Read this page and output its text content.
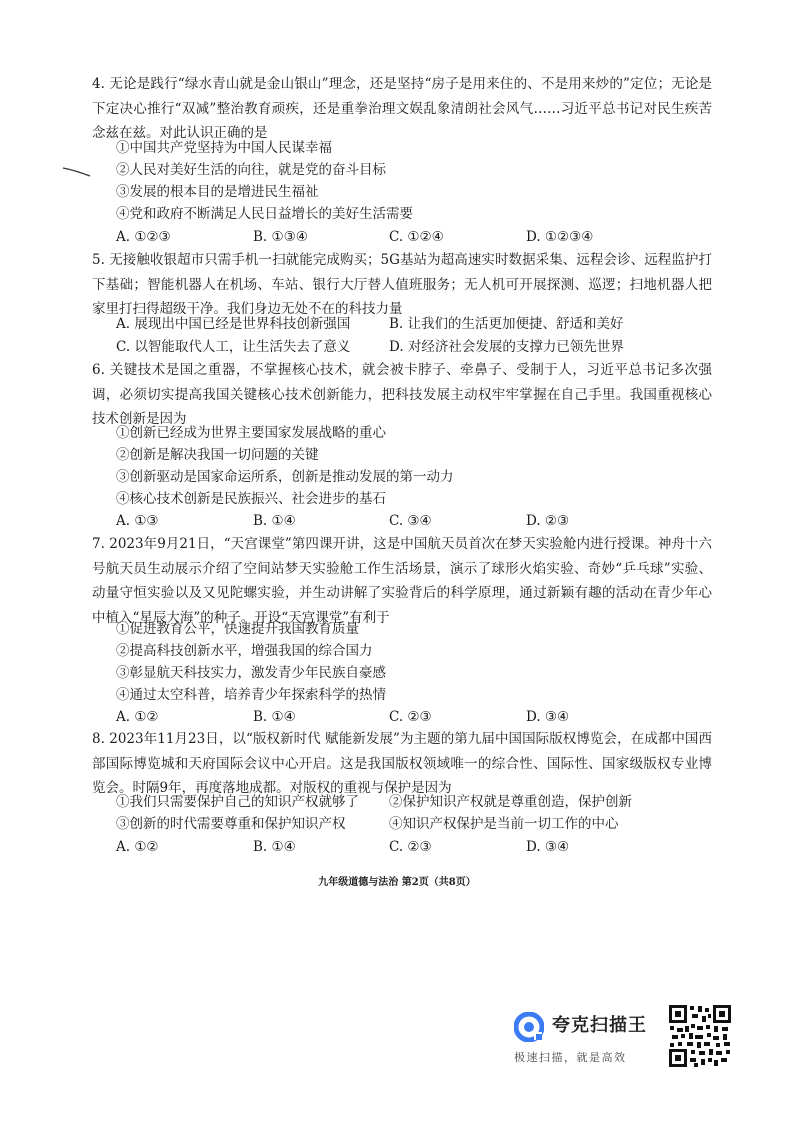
4. 无论是践行“绿水青山就是金山银山”理念，还是坚持“房子是用来住的、不是用来炒的”定位；无论是下定决心推行“双减”整治教育顽疾，还是重拳治理文娱乱象清朗社会风气……习近平总书记对民生疾苦念兹在兹。对此认识正确的是
①中国共产党坚持为中国人民谋幸福
②人民对美好生活的向往，就是党的奋斗目标
③发展的根本目的是增进民生福祉
④党和政府不断满足人民日益增长的美好生活需要
A. ①②③	B. ①③④	C. ①②④	D. ①②③④
5. 无接触收银超市只需手机一扫就能完成购买；5G基站为超高速实时数据采集、远程会诊、远程监护打下基础；智能机器人在机场、车站、银行大厅替人值班服务；无人机可开展探测、巡逻；扫地机器人把家里打扫得超级干净。我们身边无处不在的科技力量
A. 展现出中国已经是世界科技创新强国	B. 让我们的生活更加便捷、舒适和美好
C. 以智能取代人工，让生活失去了意义	D. 对经济社会发展的支撑力已领先世界
6. 关键技术是国之重器，不掌握核心技术，就会被卡脖子、牵鼻子、受制于人，习近平总书记多次强调，必须切实提高我国关键核心技术创新能力，把科技发展主动权牢牢掌握在自己手里。我国重视核心技术创新是因为
①创新已经成为世界主要国家发展战略的重心
②创新是解决我国一切问题的关键
③创新驱动是国家命运所系，创新是推动发展的第一动力
④核心技术创新是民族振兴、社会进步的基石
A. ①③	B. ①④	C. ③④	D. ②③
7. 2023年9月21日，“天宫课堂”第四课开讲，这是中国航天员首次在梦天实验舱内进行授课。神舟十六号航天员生动展示介绍了空间站梦天实验舱工作生活场景，演示了球形火焰实验、奇妙“乒乓球”实验、动量守恒实验以及又见陀螺实验，并生动讲解了实验背后的科学原理，通过新颖有趣的活动在青少年心中植入“星辰大海”的种子。开设“天宫课堂”有利于
①促进教育公平，快速提升我国教育质量
②提高科技创新水平，增强我国的综合国力
③彰显航天科技实力，激发青少年民族自豪感
④通过太空科普，培养青少年探索科学的热情
A. ①②	B. ①④	C. ②③	D. ③④
8. 2023年11月23日，以“版权新时代 赋能新发展”为主题的第九届中国国际版权博览会，在成都中国西部国际博览城和天府国际会议中心开启。这是我国版权领域唯一的综合性、国际性、国家级版权专业博览会。时隔9年，再度落地成都。对版权的重视与保护是因为
①我们只需要保护自己的知识产权就够了 ②保护知识产权就是尊重创造，保护创新
③创新的时代需要尊重和保护知识产权	④知识产权保护是当前一切工作的中心
A. ①②	B. ①④	C. ②③	D. ③④
九年级道德与法治 第2页（共8页）
夸克扫描王
极速扫描，就是高效
